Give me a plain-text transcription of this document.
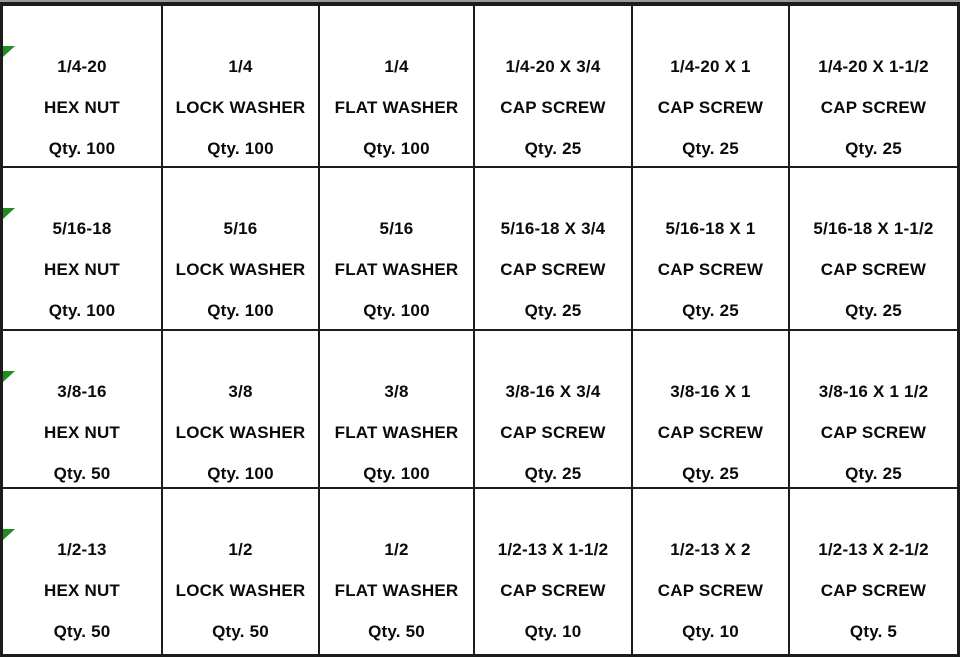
1/4-20
HEX NUT
Qty. 100
1/4
LOCK WASHER
Qty. 100
1/4
FLAT WASHER
Qty. 100
1/4-20 X 3/4
CAP SCREW
Qty. 25
1/4-20 X 1
CAP SCREW
Qty. 25
1/4-20 X 1-1/2
CAP SCREW
Qty. 25
5/16-18
HEX NUT
Qty. 100
5/16
LOCK WASHER
Qty. 100
5/16
FLAT WASHER
Qty. 100
5/16-18 X 3/4
CAP SCREW
Qty. 25
5/16-18 X 1
CAP SCREW
Qty. 25
5/16-18 X 1-1/2
CAP SCREW
Qty. 25
3/8-16
HEX NUT
Qty. 50
3/8
LOCK WASHER
Qty. 100
3/8
FLAT WASHER
Qty. 100
3/8-16 X 3/4
CAP SCREW
Qty. 25
3/8-16 X 1
CAP SCREW
Qty. 25
3/8-16 X 1 1/2
CAP SCREW
Qty. 25
1/2-13
HEX NUT
Qty. 50
1/2
LOCK WASHER
Qty. 50
1/2
FLAT WASHER
Qty. 50
1/2-13 X 1-1/2
CAP SCREW
Qty. 10
1/2-13 X 2
CAP SCREW
Qty. 10
1/2-13 X 2-1/2
CAP SCREW
Qty. 5
